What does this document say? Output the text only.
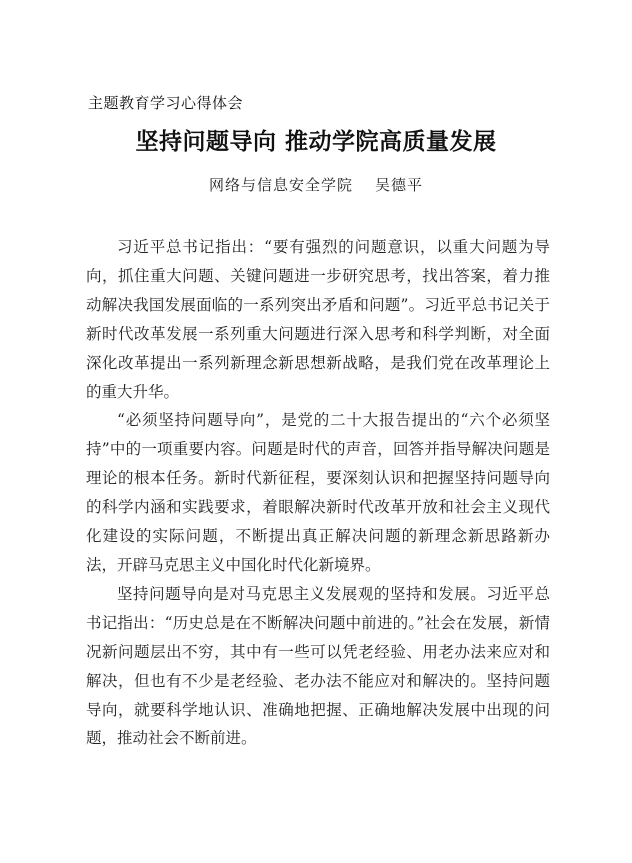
主题教育学习心得体会
坚持问题导向 推动学院高质量发展
网络与信息安全学院 吴德平

习近平总书记指出：“要有强烈的问题意识，以重大问题为导向，抓住重大问题、关键问题进一步研究思考，找出答案，着力推动解决我国发展面临的一系列突出矛盾和问题”。习近平总书记关于新时代改革发展一系列重大问题进行深入思考和科学判断，对全面深化改革提出一系列新理念新思想新战略，是我们党在改革理论上的重大升华。

“必须坚持问题导向”，是党的二十大报告提出的“六个必须坚持”中的一项重要内容。问题是时代的声音，回答并指导解决问题是理论的根本任务。新时代新征程，要深刻认识和把握坚持问题导向的科学内涵和实践要求，着眼解决新时代改革开放和社会主义现代化建设的实际问题，不断提出真正解决问题的新理念新思路新办法，开辟马克思主义中国化时代化新境界。

坚持问题导向是对马克思主义发展观的坚持和发展。习近平总书记指出：“历史总是在不断解决问题中前进的。”社会在发展，新情况新问题层出不穷，其中有一些可以凭老经验、用老办法来应对和解决，但也有不少是老经验、老办法不能应对和解决的。坚持问题导向，就要科学地认识、准确地把握、正确地解决发展中出现的问题，推动社会不断前进。
